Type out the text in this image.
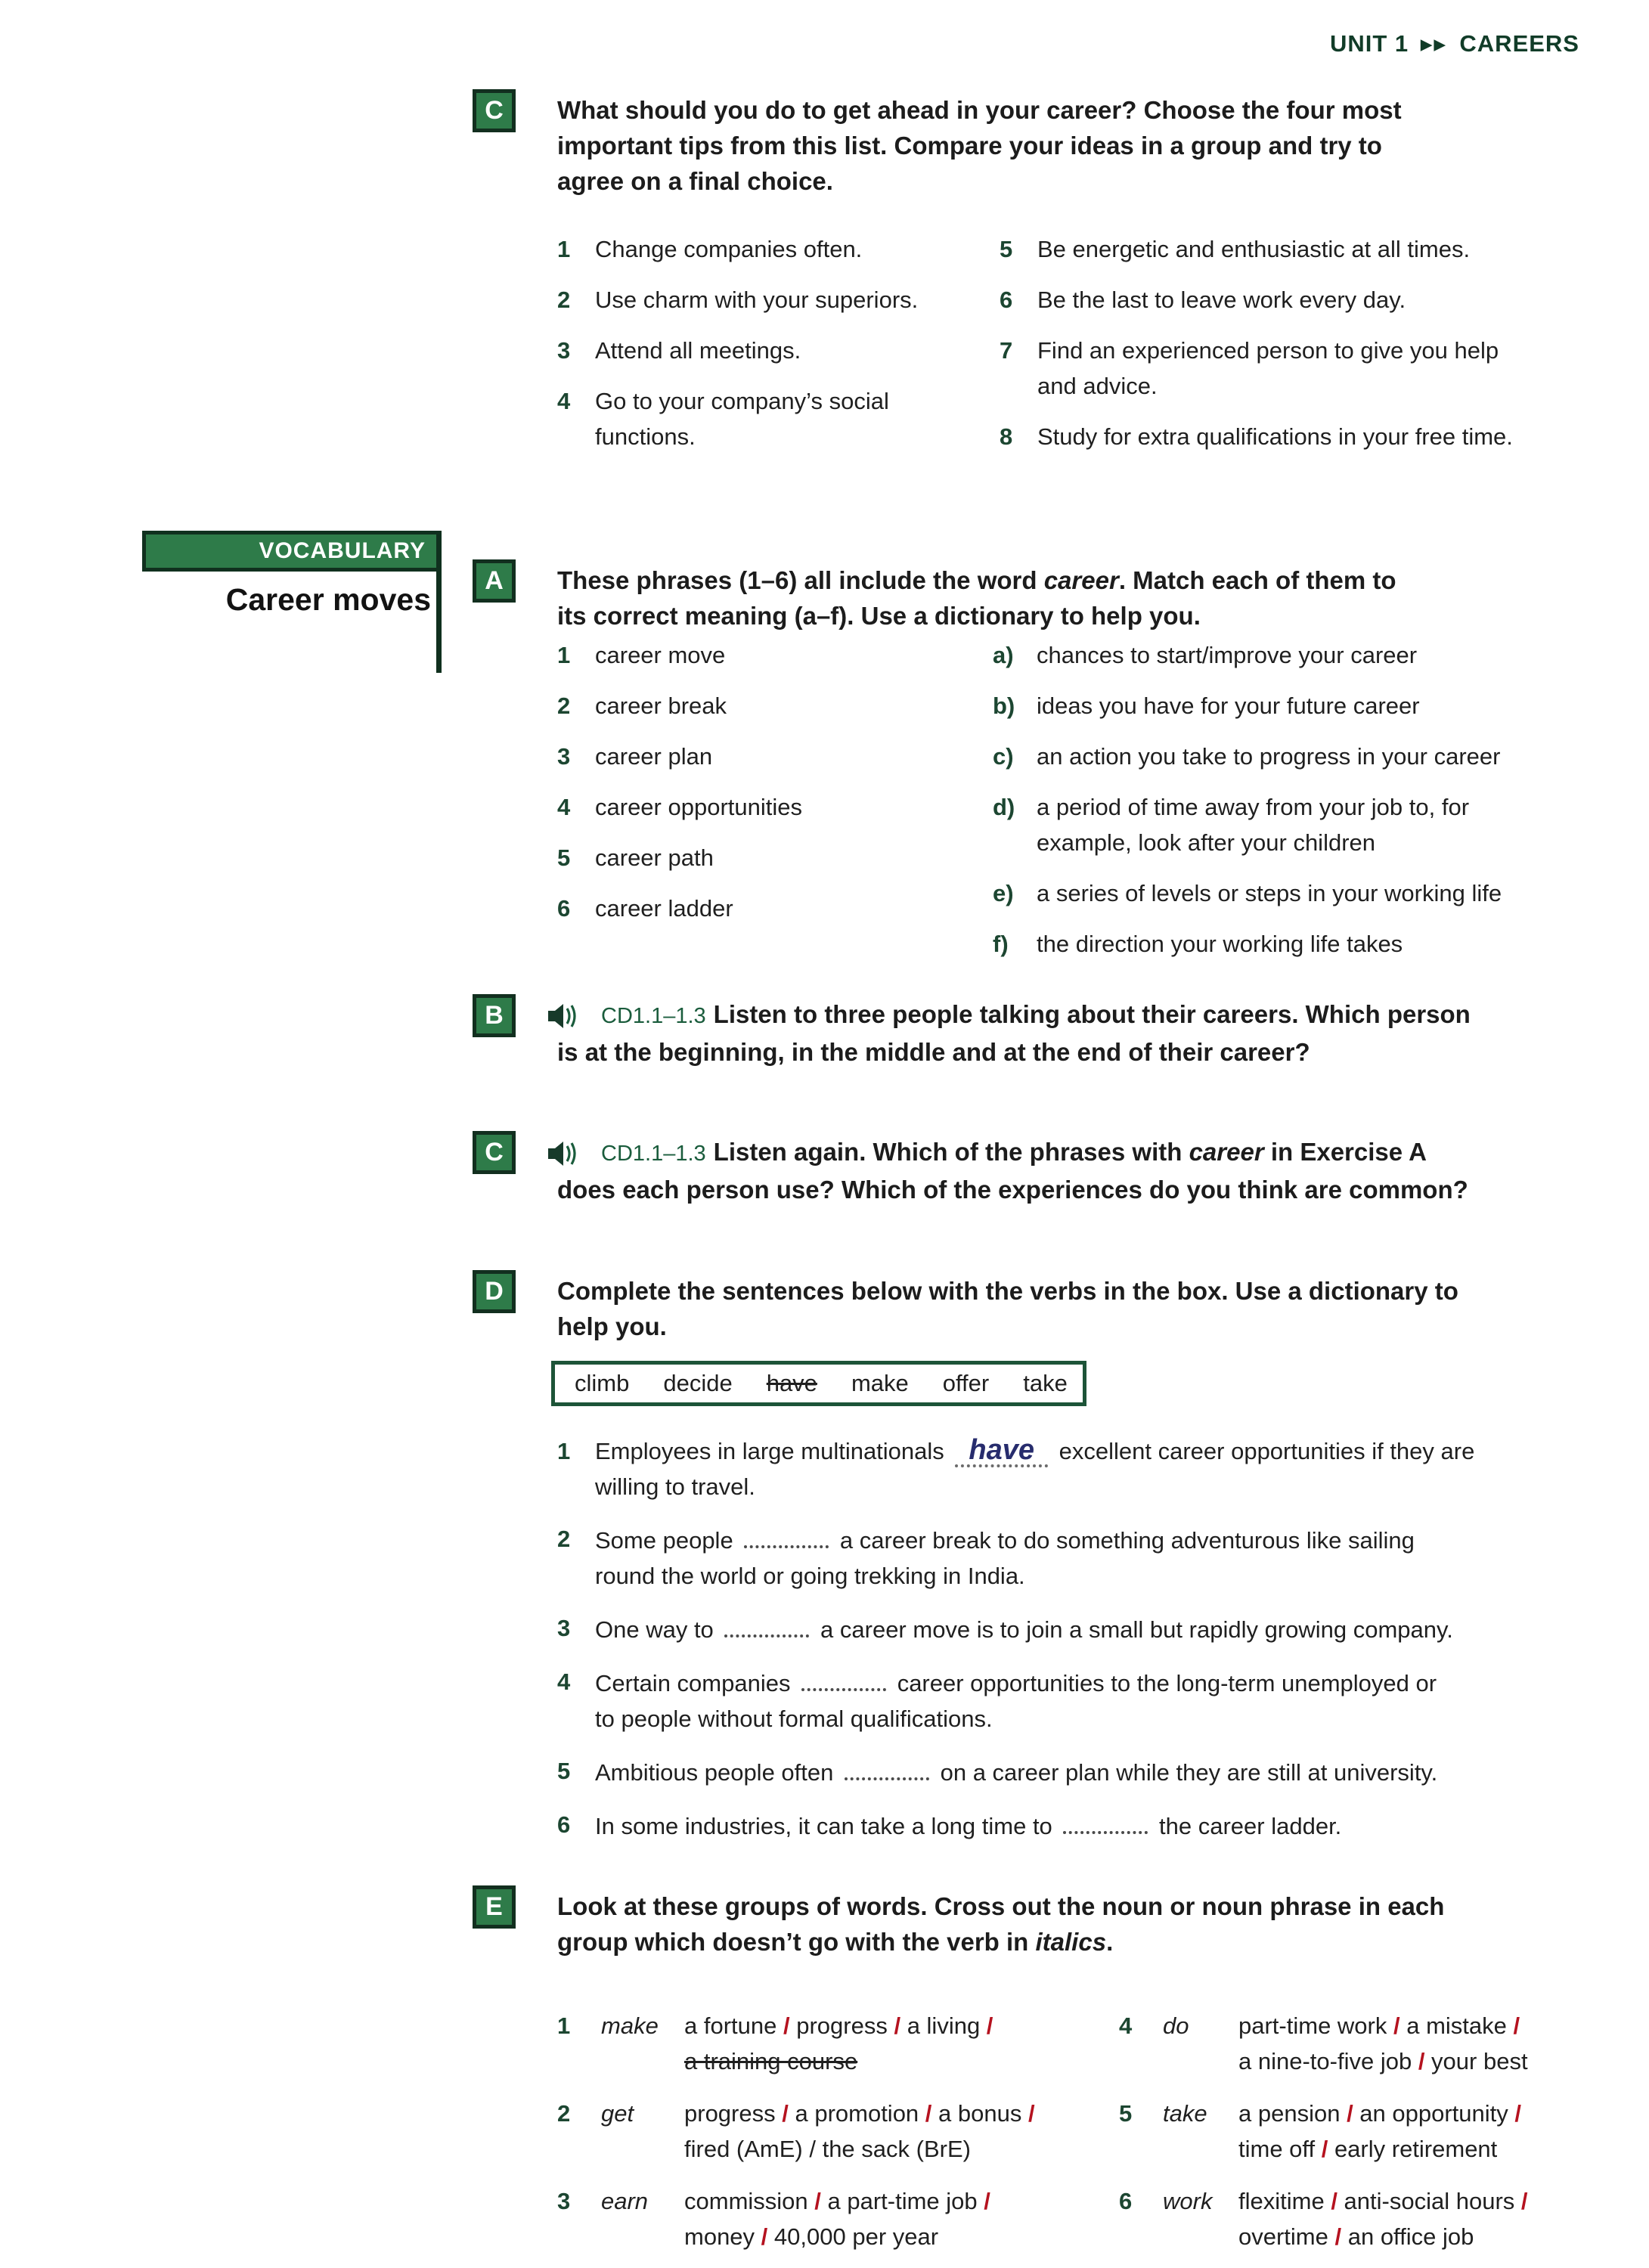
UNIT 1 ▶▶ CAREERS
VOCABULARY
Career moves
C What should you do to get ahead in your career? Choose the four most
important tips from this list. Compare your ideas in a group and try to
agree on a final choice.
1	Change companies often.
2	Use charm with your superiors.
3	Attend all meetings.
4	Go to your company’s social
functions.
5	Be energetic and enthusiastic at all times.
6	Be the last to leave work every day.
7	Find an experienced person to give you help
and advice.
8	Study for extra qualifications in your free time.
A These phrases (1–6) all include the word career. Match each of them to
its correct meaning (a–f). Use a dictionary to help you.
1	career move
2	career break
3	career plan
4	career opportunities
5	career path
6	career ladder
a) chances to start/improve your career
b) ideas you have for your future career
c) an action you take to progress in your career
d) a period of time away from your job to, for
example, look after your children
e) a series of levels or steps in your working life
f)	the direction your working life takes
B	CD1.1–1.3 Listen to three people talking about their careers. Which person
is at the beginning, in the middle and at the end of their career?
C	CD1.1–1.3 Listen again. Which of the phrases with career in Exercise A
does each person use? Which of the experiences do you think are common?
D Complete the sentences below with the verbs in the box. Use a dictionary to
help you.
climb decide have make offer take
1	Employees in large multinationals have excellent career opportunities if they are
willing to travel.
2	Some people	a career break to do something adventurous like sailing
round the world or going trekking in India.
3	One way to	a career move is to join a small but rapidly growing company.
4	Certain companies	career opportunities to the long-term unemployed or
to people without formal qualifications.
5	Ambitious people often	on a career plan while they are still at university.
6	In some industries, it can take a long time to	the career ladder.
E Look at these groups of words. Cross out the noun or noun phrase in each
group which doesn’t go with the verb in italics.
1	make	a fortune / progress / a living /
a training course
4	do	part-time work / a mistake /
a nine-to-five job / your best
2	get	progress / a promotion / a bonus /
fired (AmE) / the sack (BrE)
5	take	a pension / an opportunity /
time off / early retirement
3	earn	commission / a part-time job /
money / 40,000 per year
6	work	flexitime / anti-social hours /
overtime / an office job
